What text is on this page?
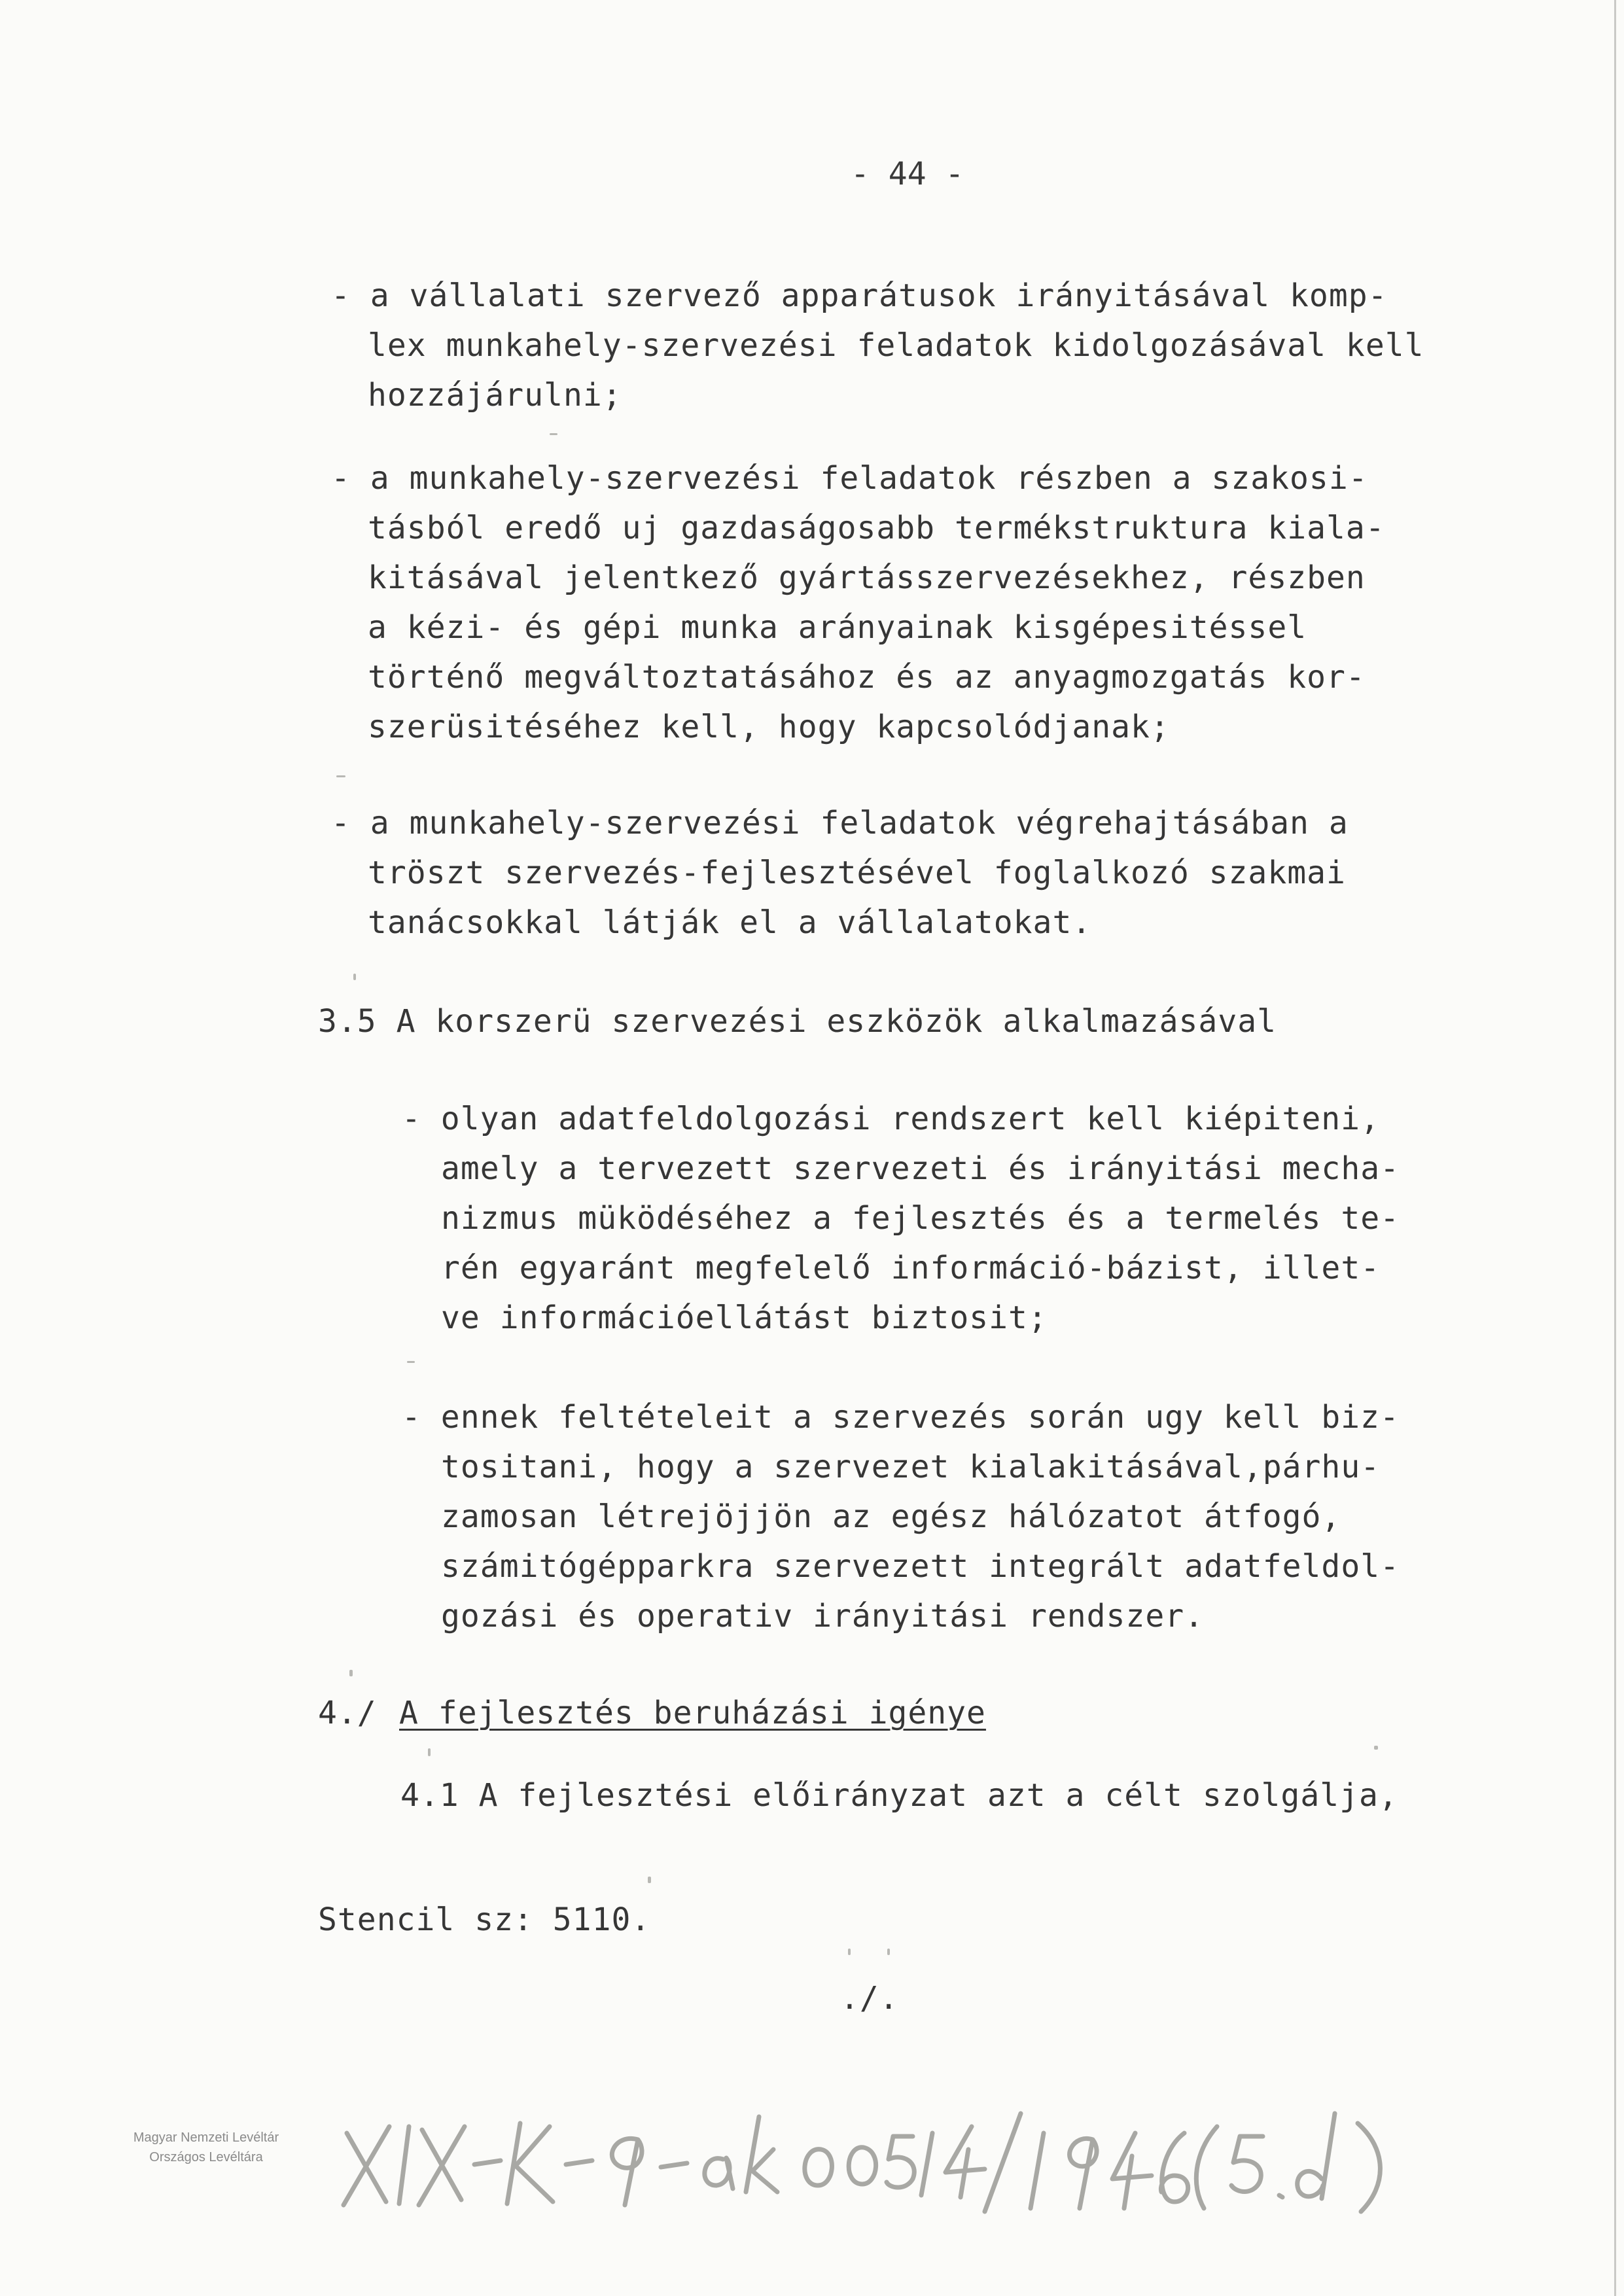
- 44 -
- a vállalati szervező apparátusok irányitásával komp-
lex munkahely-szervezési feladatok kidolgozásával kell
hozzájárulni;
- a munkahely-szervezési feladatok részben a szakosi-
tásból eredő uj gazdaságosabb termékstruktura kiala-
kitásával jelentkező gyártásszervezésekhez, részben
a kézi- és gépi munka arányainak kisgépesitéssel
történő megváltoztatásához és az anyagmozgatás kor-
szerüsitéséhez kell, hogy kapcsolódjanak;
- a munkahely-szervezési feladatok végrehajtásában a
tröszt szervezés-fejlesztésével foglalkozó szakmai
tanácsokkal látják el a vállalatokat.
3.5 A korszerü szervezési eszközök alkalmazásával
- olyan adatfeldolgozási rendszert kell kiépiteni,
amely a tervezett szervezeti és irányitási mecha-
nizmus müködéséhez a fejlesztés és a termelés te-
rén egyaránt megfelelő információ-bázist, illet-
ve információellátást biztosit;
- ennek feltételeit a szervezés során ugy kell biz-
tositani, hogy a szervezet kialakitásával,párhu-
zamosan létrejöjjön az egész hálózatot átfogó,
számitógépparkra szervezett integrált adatfeldol-
gozási és operativ irányitási rendszer.
4./ A fejlesztés beruházási igénye
4.1 A fejlesztési előirányzat azt a célt szolgálja,
Stencil sz: 5110.
./.
Magyar Nemzeti Levéltár
Országos Levéltára
